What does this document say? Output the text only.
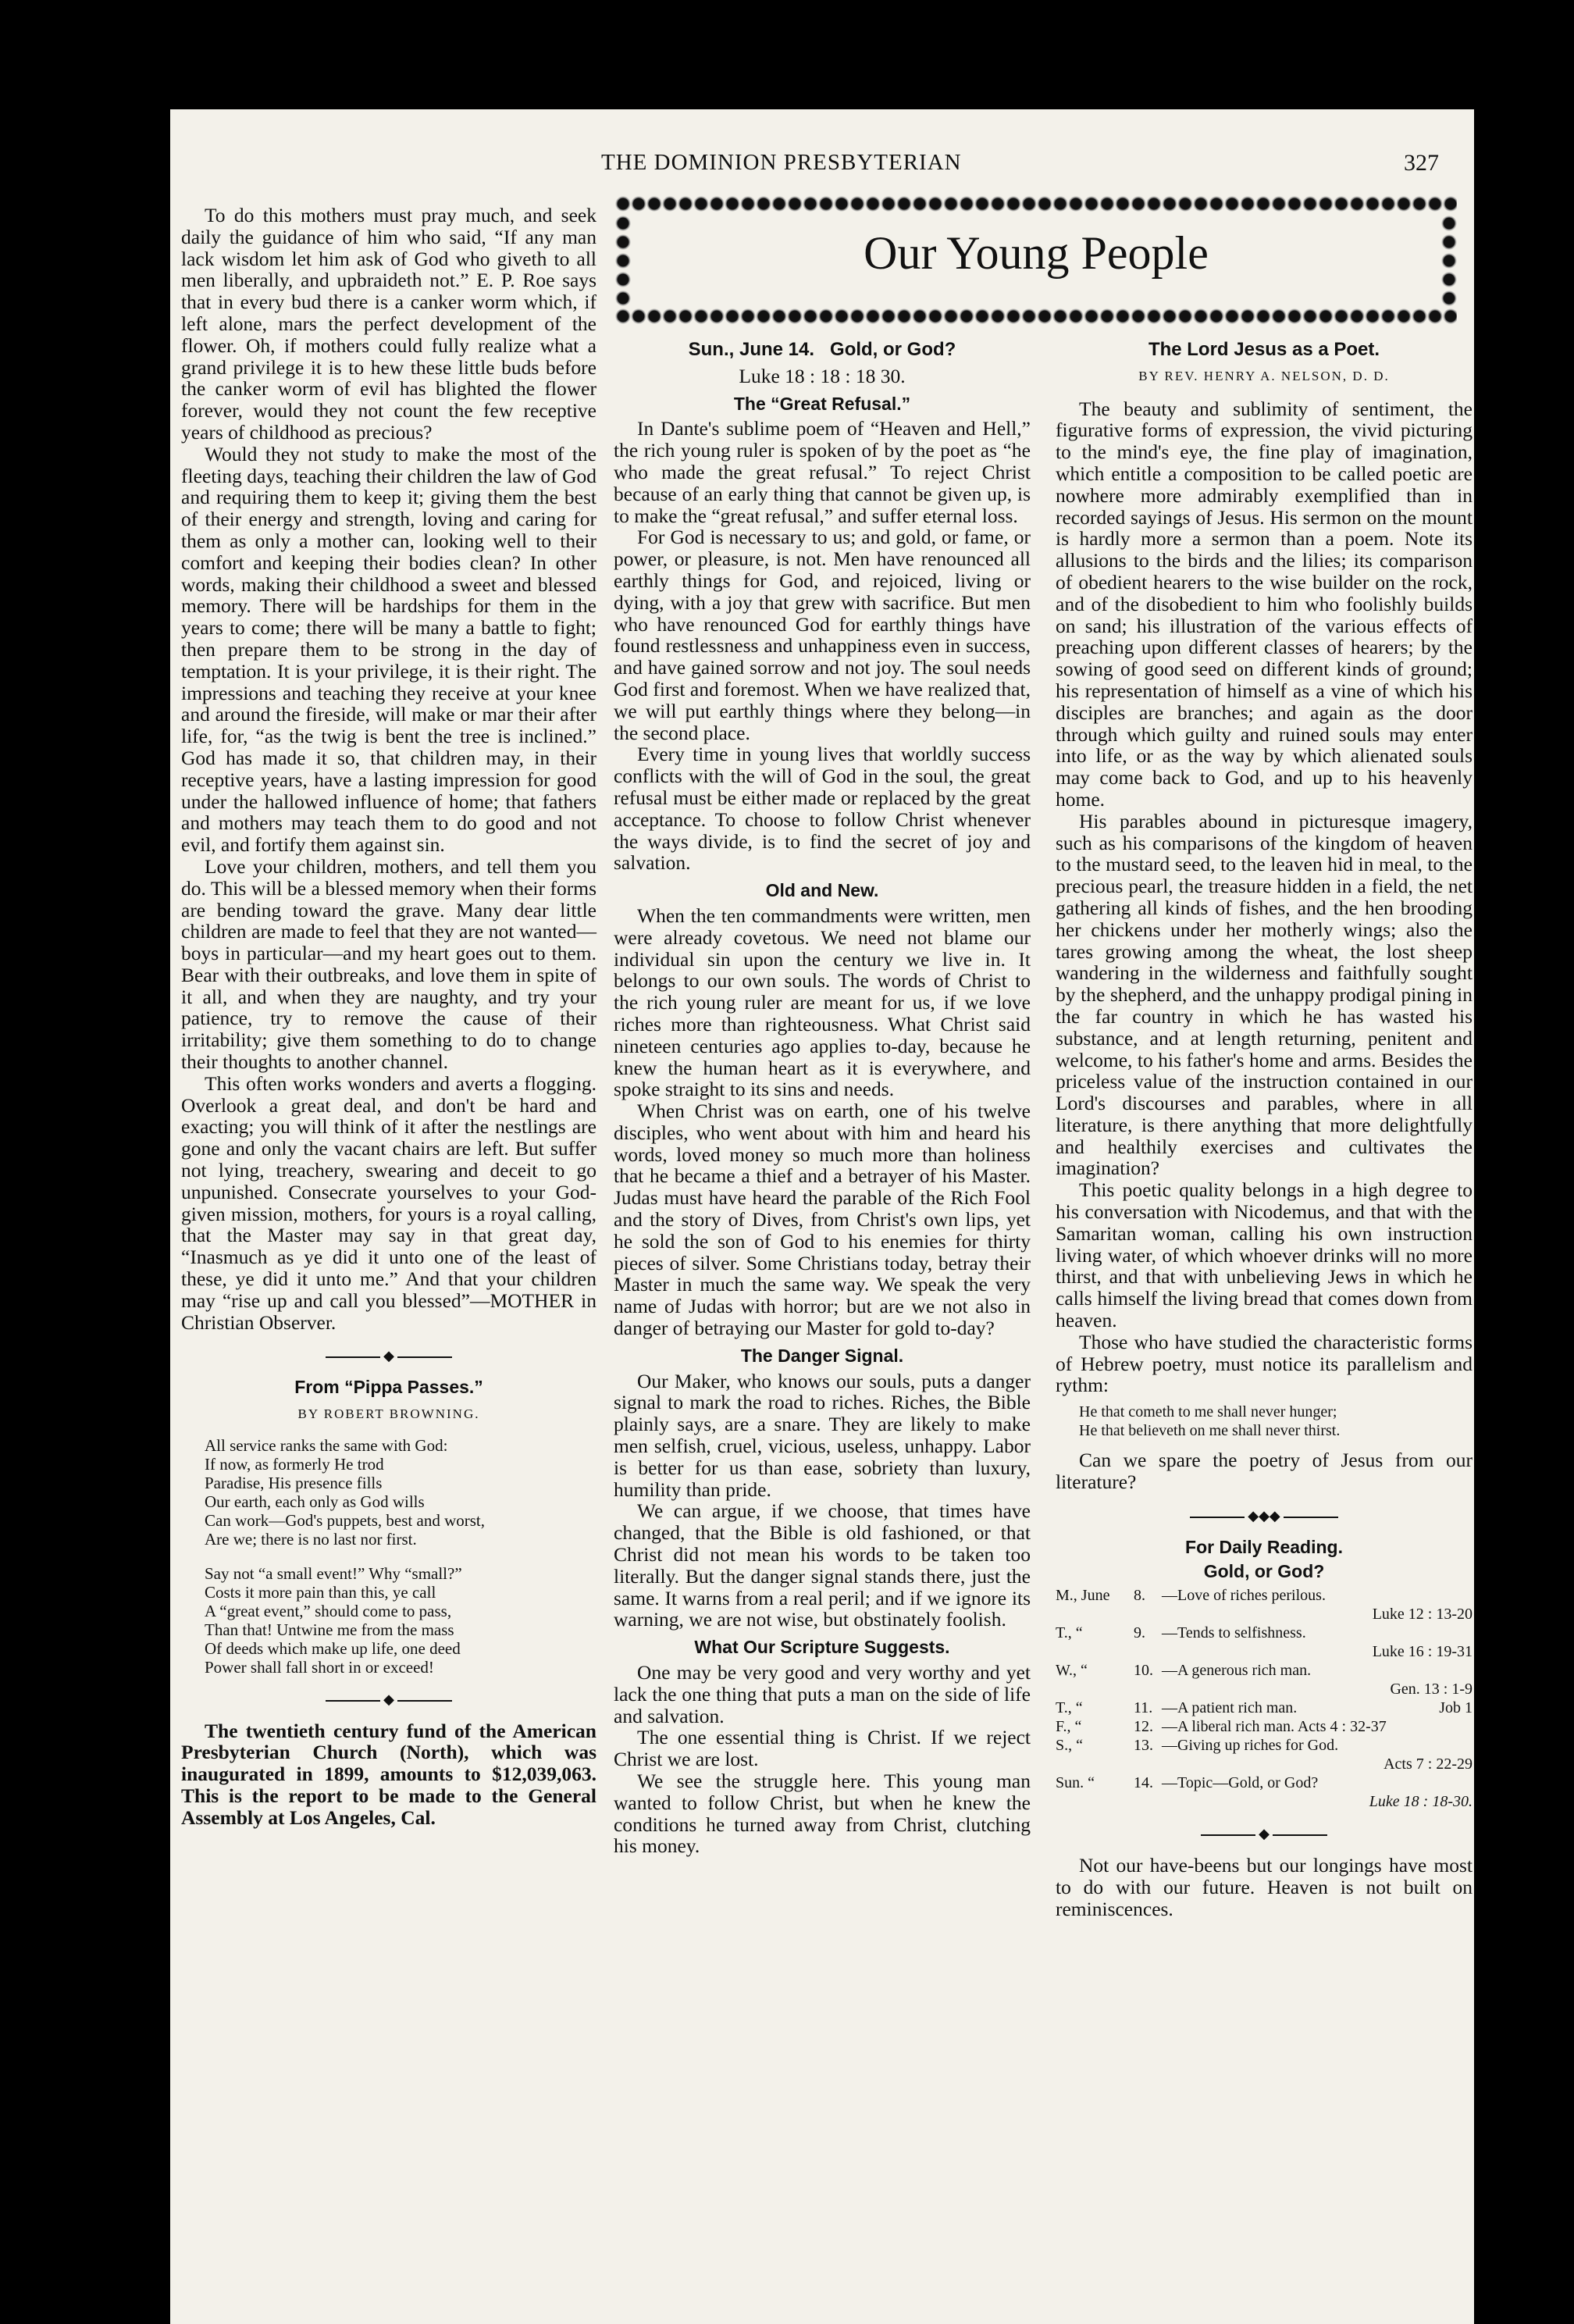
THE DOMINION PRESBYTERIAN	327

To do this mothers must pray much, and seek daily the guidance of him who said, “If any man lack wisdom let him ask of God who giveth to all men liberally, and upbraideth not.” E. P. Roe says that in every bud there is a canker worm which, if left alone, mars the perfect development of the flower. Oh, if mothers could fully realize what a grand privilege it is to hew these little buds before the canker worm of evil has blighted the flower forever, would they not count the few receptive years of childhood as precious?

Would they not study to make the most of the fleeting days, teaching their children the law of God and requiring them to keep it; giving them the best of their energy and strength, loving and caring for them as only a mother can, looking well to their comfort and keeping their bodies clean? In other words, making their childhood a sweet and blessed memory. There will be hardships for them in the years to come; there will be many a battle to fight; then prepare them to be strong in the day of temptation. It is your privilege, it is their right. The impressions and teaching they receive at your knee and around the fireside, will make or mar their after life, for, “as the twig is bent the tree is inclined.” God has made it so, that children may, in their receptive years, have a lasting impression for good under the hallowed influence of home; that fathers and mothers may teach them to do good and not evil, and fortify them against sin.

Love your children, mothers, and tell them you do. This will be a blessed memory when their forms are bending toward the grave. Many dear little children are made to feel that they are not wanted—boys in particular—and my heart goes out to them. Bear with their outbreaks, and love them in spite of it all, and when they are naughty, and try your patience, try to remove the cause of their irritability; give them something to do to change their thoughts to another channel.

This often works wonders and averts a flogging. Overlook a great deal, and don't be hard and exacting; you will think of it after the nestlings are gone and only the vacant chairs are left. But suffer not lying, treachery, swearing and deceit to go unpunished. Consecrate yourselves to your God-given mission, mothers, for yours is a royal calling, that the Master may say in that great day, “Inasmuch as ye did it unto one of the least of these, ye did it unto me.” And that your children may “rise up and call you blessed”—MOTHER in Christian Observer.

◆

From “Pippa Passes.”

BY ROBERT BROWNING.

All service ranks the same with God:
If now, as formerly He trod
Paradise, His presence fills
Our earth, each only as God wills
Can work—God's puppets, best and worst,
Are we; there is no last nor first.
Say not “a small event!” Why “small?”
Costs it more pain than this, ye call
A “great event,” should come to pass,
Than that! Untwine me from the mass
Of deeds which make up life, one deed
Power shall fall short in or exceed!

◆

The twentieth century fund of the American Presbyterian Church (North), which was inaugurated in 1899, amounts to $12,039,063. This is the report to be made to the General Assembly at Los Angeles, Cal.

Our Young People

Sun., June 14.   Gold, or God?

Luke 18 : 18 : 18 30.

The “Great Refusal.”

In Dante's sublime poem of “Heaven and Hell,” the rich young ruler is spoken of by the poet as “he who made the great refusal.” To reject Christ because of an early thing that cannot be given up, is to make the “great refusal,” and suffer eternal loss.

For God is necessary to us; and gold, or fame, or power, or pleasure, is not. Men have renounced all earthly things for God, and rejoiced, living or dying, with a joy that grew with sacrifice. But men who have renounced God for earthly things have found restlessness and unhappiness even in success, and have gained sorrow and not joy. The soul needs God first and foremost. When we have realized that, we will put earthly things where they belong—in the second place.

Every time in young lives that worldly success conflicts with the will of God in the soul, the great refusal must be either made or replaced by the great acceptance. To choose to follow Christ whenever the ways divide, is to find the secret of joy and salvation.

Old and New.

When the ten commandments were written, men were already covetous. We need not blame our individual sin upon the century we live in. It belongs to our own souls. The words of Christ to the rich young ruler are meant for us, if we love riches more than righteousness. What Christ said nineteen centuries ago applies to-day, because he knew the human heart as it is everywhere, and spoke straight to its sins and needs.

When Christ was on earth, one of his twelve disciples, who went about with him and heard his words, loved money so much more than holiness that he became a thief and a betrayer of his Master. Judas must have heard the parable of the Rich Fool and the story of Dives, from Christ's own lips, yet he sold the son of God to his enemies for thirty pieces of silver. Some Christians today, betray their Master in much the same way. We speak the very name of Judas with horror; but are we not also in danger of betraying our Master for gold to-day?

The Danger Signal.

Our Maker, who knows our souls, puts a danger signal to mark the road to riches. Riches, the Bible plainly says, are a snare. They are likely to make men selfish, cruel, vicious, useless, unhappy. Labor is better for us than ease, sobriety than luxury, humility than pride.

We can argue, if we choose, that times have changed, that the Bible is old fashioned, or that Christ did not mean his words to be taken too literally. But the danger signal stands there, just the same. It warns from a real peril; and if we ignore its warning, we are not wise, but obstinately foolish.

What Our Scripture Suggests.

One may be very good and very worthy and yet lack the one thing that puts a man on the side of life and salvation.

The one essential thing is Christ. If we reject Christ we are lost.

We see the struggle here. This young man wanted to follow Christ, but when he knew the conditions he turned away from Christ, clutching his money.

The Lord Jesus as a Poet.

BY REV. HENRY A. NELSON, D. D.

The beauty and sublimity of sentiment, the figurative forms of expression, the vivid picturing to the mind's eye, the fine play of imagination, which entitle a composition to be called poetic are nowhere more admirably exemplified than in recorded sayings of Jesus. His sermon on the mount is hardly more a sermon than a poem. Note its allusions to the birds and the lilies; its comparison of obedient hearers to the wise builder on the rock, and of the disobedient to him who foolishly builds on sand; his illustration of the various effects of preaching upon different classes of hearers; by the sowing of good seed on different kinds of ground; his representation of himself as a vine of which his disciples are branches; and again as the door through which guilty and ruined souls may enter into life, or as the way by which alienated souls may come back to God, and up to his heavenly home.

His parables abound in picturesque imagery, such as his comparisons of the kingdom of heaven to the mustard seed, to the leaven hid in meal, to the precious pearl, the treasure hidden in a field, the net gathering all kinds of fishes, and the hen brooding her chickens under her motherly wings; also the tares growing among the wheat, the lost sheep wandering in the wilderness and faithfully sought by the shepherd, and the unhappy prodigal pining in the far country in which he has wasted his substance, and at length returning, penitent and welcome, to his father's home and arms. Besides the priceless value of the instruction contained in our Lord's discourses and parables, where in all literature, is there anything that more delightfully and healthily exercises and cultivates the imagination?

This poetic quality belongs in a high degree to his conversation with Nicodemus, and that with the Samaritan woman, calling his own instruction living water, of which whoever drinks will no more thirst, and that with unbelieving Jews in which he calls himself the living bread that comes down from heaven.

Those who have studied the characteristic forms of Hebrew poetry, must notice its parallelism and rythm:

He that cometh to me shall never hunger;
He that believeth on me shall never thirst.

Can we spare the poetry of Jesus from our literature?

◆◆◆

For Daily Reading.

Gold, or God?

M., June	8.	—Love of riches perilous.
Luke 12 : 13-20
T., “	9.	—Tends to selfishness.
Luke 16 : 19-31
W., “	10.	—A generous rich man.
Gen. 13 : 1-9
T., “	11.	—A patient rich man.	Job 1
F., “	12.	—A liberal rich man. Acts 4 : 32-37
S., “	13.	—Giving up riches for God.
Acts 7 : 22-29
Sun. “	14.	—Topic—Gold, or God?
Luke 18 : 18-30.

◆

Not our have-beens but our longings have most to do with our future. Heaven is not built on reminiscences.
